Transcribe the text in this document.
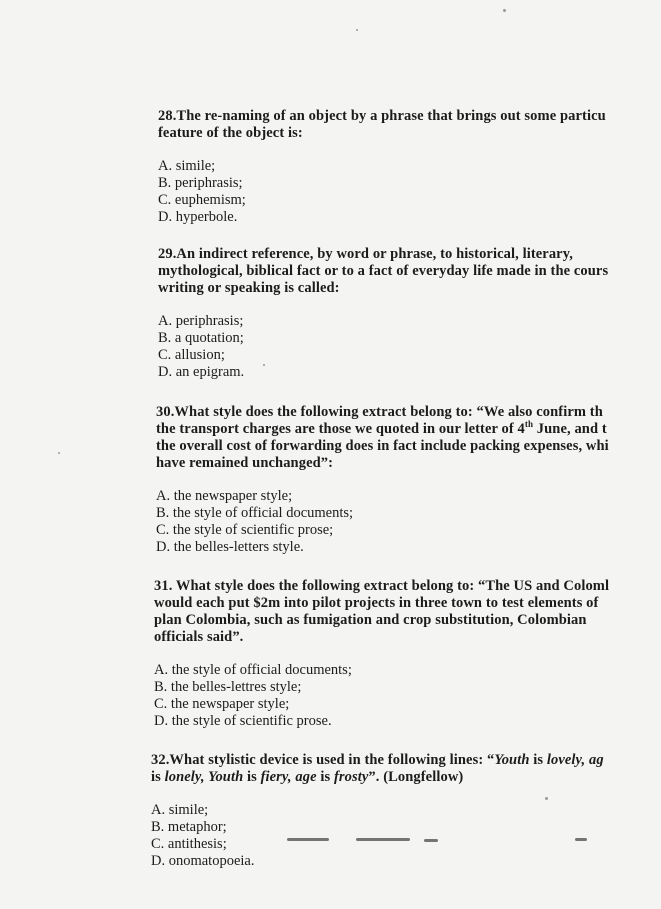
28.The re-naming of an object by a phrase that brings out some particu
feature of the object is:

A. simile;
B. periphrasis;
C. euphemism;
D. hyperbole.

29.An indirect reference, by word or phrase, to historical, literary,
mythological, biblical fact or to a fact of everyday life made in the cours
writing or speaking is called:

A. periphrasis;
B. a quotation;
C. allusion;
D. an epigram.

30.What style does the following extract belong to: “We also confirm th
the transport charges are those we quoted in our letter of 4th June, and t
the overall cost of forwarding does in fact include packing expenses, whi
have remained unchanged”:

A. the newspaper style;
B. the style of official documents;
C. the style of scientific prose;
D. the belles-letters style.

31. What style does the following extract belong to: “The US and Coloml
would each put $2m into pilot projects in three town to test elements of
plan Colombia, such as fumigation and crop substitution, Colombian
officials said”.

A. the style of official documents;
B. the belles-lettres style;
C. the newspaper style;
D. the style of scientific prose.

32.What stylistic device is used in the following lines: “Youth is lovely, ag
is lonely, Youth is fiery, age is frosty”. (Longfellow)

A. simile;
B. metaphor;
C. antithesis;
D. onomatopoeia.
